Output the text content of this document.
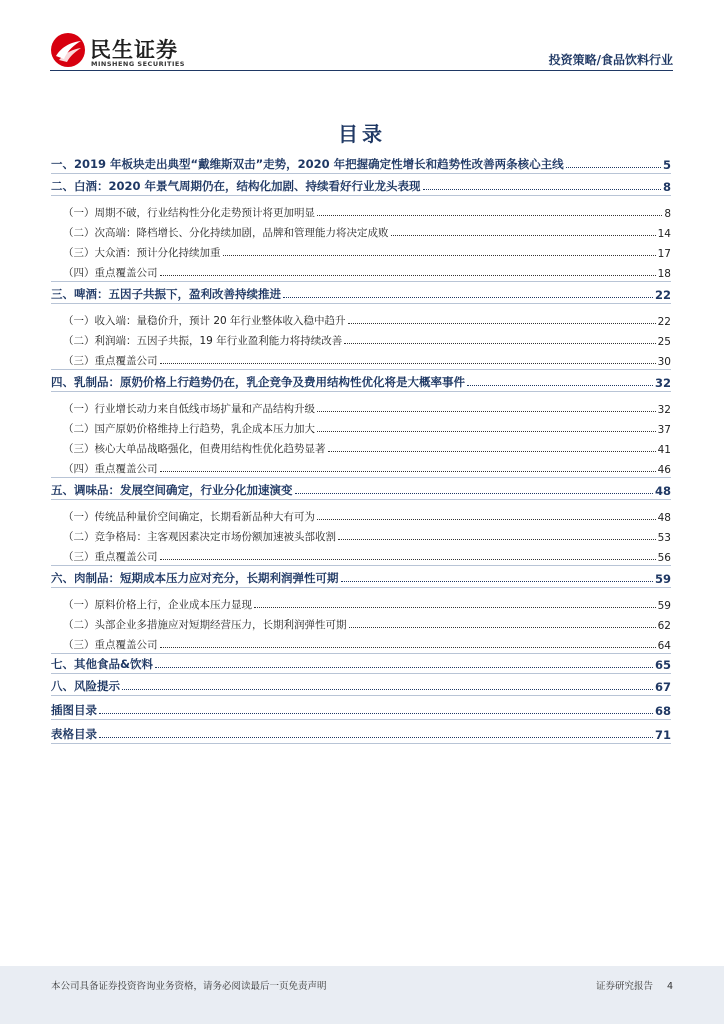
民生证券
MINSHENG SECURITIES	投资策略/食品饮料行业
目录
一、2019 年板块走出典型“戴维斯双击”走势，2020 年把握确定性增长和趋势性改善两条核心主线	5
二、白酒：2020 年景气周期仍在，结构化加剧、持续看好行业龙头表现	8
（一）周期不破，行业结构性分化走势预计将更加明显	8
（二）次高端：降档增长、分化持续加剧，品牌和管理能力将决定成败	14
（三）大众酒：预计分化持续加重	17
（四）重点覆盖公司	18
三、啤酒：五因子共振下，盈利改善持续推进	22
（一）收入端：量稳价升，预计 20 年行业整体收入稳中趋升	22
（二）利润端：五因子共振，19 年行业盈利能力将持续改善	25
（三）重点覆盖公司	30
四、乳制品：原奶价格上行趋势仍在，乳企竞争及费用结构性优化将是大概率事件	32
（一）行业增长动力来自低线市场扩量和产品结构升级	32
（二）国产原奶价格维持上行趋势，乳企成本压力加大	37
（三）核心大单品战略强化，但费用结构性优化趋势显著	41
（四）重点覆盖公司	46
五、调味品：发展空间确定，行业分化加速演变	48
（一）传统品种量价空间确定，长期看新品种大有可为	48
（二）竞争格局：主客观因素决定市场份额加速被头部收割	53
（三）重点覆盖公司	56
六、肉制品：短期成本压力应对充分，长期利润弹性可期	59
（一）原料价格上行，企业成本压力显现	59
（二）头部企业多措施应对短期经营压力，长期利润弹性可期	62
（三）重点覆盖公司	64
七、其他食品&饮料	65
八、风险提示	67
插图目录	68
表格目录	71
本公司具备证券投资咨询业务资格，请务必阅读最后一页免责声明	证券研究报告 4
